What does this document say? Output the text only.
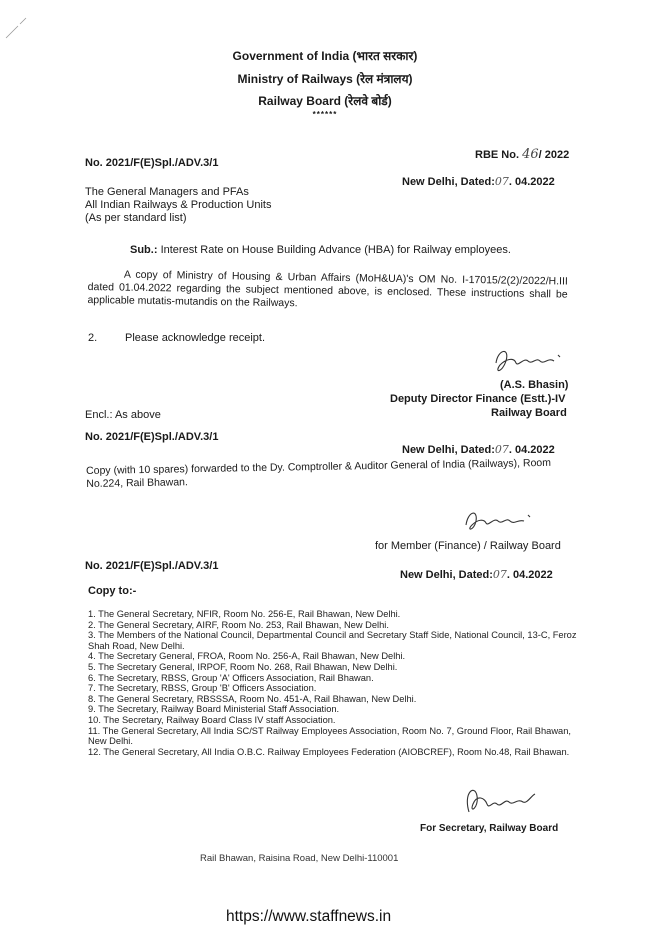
Government of India (भारत सरकार)
Ministry of Railways (रेल मंत्रालय)
Railway Board (रेलवे बोर्ड)
******
RBE No. 46/ 2022
No. 2021/F(E)Spl./ADV.3/1
New Delhi, Dated:07. 04.2022
The General Managers and PFAs
All Indian Railways & Production Units
(As per standard list)
Sub.: Interest Rate on House Building Advance (HBA) for Railway employees.
A copy of Ministry of Housing & Urban Affairs (MoH&UA)'s OM No. I-17015/2(2)/2022/H.III dated 01.04.2022 regarding the subject mentioned above, is enclosed. These instructions shall be applicable mutatis-mutandis on the Railways.
2.	Please acknowledge receipt.
(A.S. Bhasin)
Deputy Director Finance (Estt.)-IV
Railway Board
Encl.: As above
No. 2021/F(E)Spl./ADV.3/1
New Delhi, Dated:07. 04.2022
Copy (with 10 spares) forwarded to the Dy. Comptroller & Auditor General of India (Railways), Room No.224, Rail Bhawan.
for Member (Finance) / Railway Board
No. 2021/F(E)Spl./ADV.3/1
New Delhi, Dated:07. 04.2022
Copy to:-
1. The General Secretary, NFIR, Room No. 256-E, Rail Bhawan, New Delhi.
2. The General Secretary, AIRF, Room No. 253, Rail Bhawan, New Delhi.
3. The Members of the National Council, Departmental Council and Secretary Staff Side, National Council, 13-C, Feroz Shah Road, New Delhi.
4. The Secretary General, FROA, Room No. 256-A, Rail Bhawan, New Delhi.
5. The Secretary General, IRPOF, Room No. 268, Rail Bhawan, New Delhi.
6. The Secretary, RBSS, Group 'A' Officers Association, Rail Bhawan.
7. The Secretary, RBSS, Group 'B' Officers Association.
8. The General Secretary, RBSSSA, Room No. 451-A, Rail Bhawan, New Delhi.
9. The Secretary, Railway Board Ministerial Staff Association.
10. The Secretary, Railway Board Class IV staff Association.
11. The General Secretary, All India SC/ST Railway Employees Association, Room No. 7, Ground Floor, Rail Bhawan, New Delhi.
12. The General Secretary, All India O.B.C. Railway Employees Federation (AIOBCREF), Room No.48, Rail Bhawan.
For Secretary, Railway Board
Rail Bhawan, Raisina Road, New Delhi-110001
https://www.staffnews.in
